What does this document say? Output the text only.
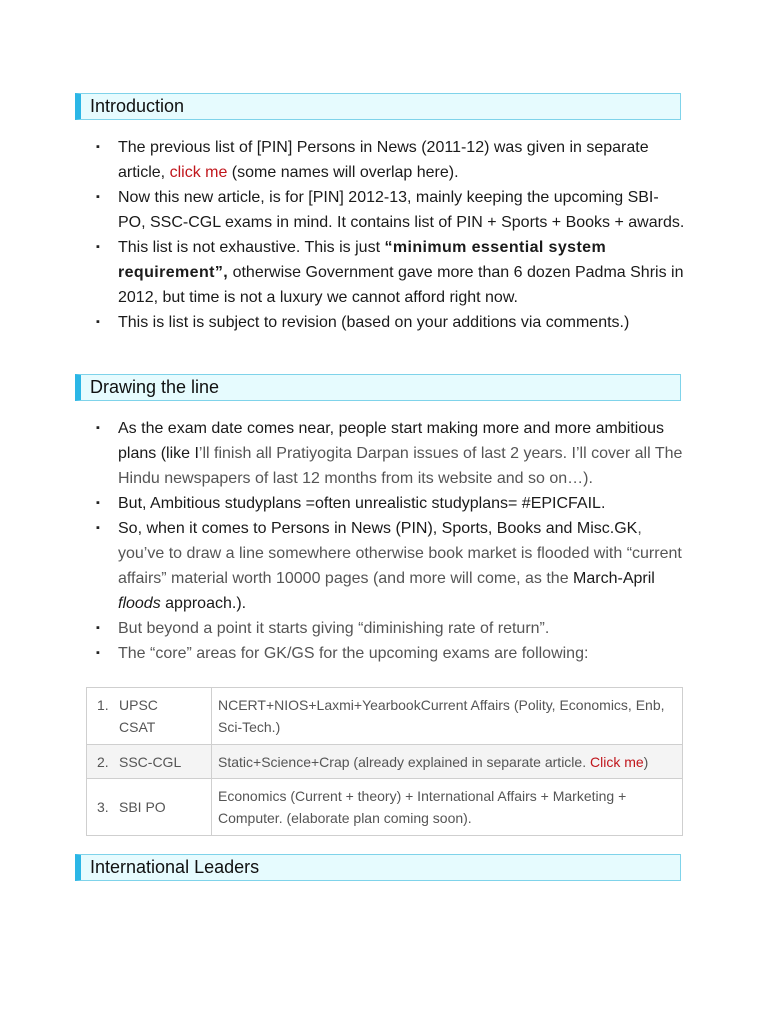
Introduction
▪ The previous list of [PIN] Persons in News (2011-12) was given in separate article, click me (some names will overlap here).
▪ Now this new article, is for [PIN] 2012-13, mainly keeping the upcoming SBI-PO, SSC-CGL exams in mind. It contains list of PIN + Sports + Books + awards.
▪ This list is not exhaustive. This is just “minimum essential system requirement”, otherwise Government gave more than 6 dozen Padma Shris in 2012, but time is not a luxury we cannot afford right now.
▪ This is list is subject to revision (based on your additions via comments.)
Drawing the line
▪ As the exam date comes near, people start making more and more ambitious plans (like I’ll finish all Pratiyogita Darpan issues of last 2 years. I’ll cover all The Hindu newspapers of last 12 months from its website and so on…).
▪ But, Ambitious studyplans =often unrealistic studyplans= #EPICFAIL.
▪ So, when it comes to Persons in News (PIN), Sports, Books and Misc.GK, you’ve to draw a line somewhere otherwise book market is flooded with “current affairs” material worth 10000 pages (and more will come, as the March-April floods approach.).
▪ But beyond a point it starts giving “diminishing rate of return”.
▪ The “core” areas for GK/GS for the upcoming exams are following:
1. UPSC CSAT	NCERT+NIOS+Laxmi+YearbookCurrent Affairs (Polity, Economics, Enb, Sci-Tech.)
2. SSC-CGL	Static+Science+Crap (already explained in separate article. Click me)
3. SBI PO	Economics (Current + theory) + International Affairs + Marketing + Computer. (elaborate plan coming soon).
International Leaders
